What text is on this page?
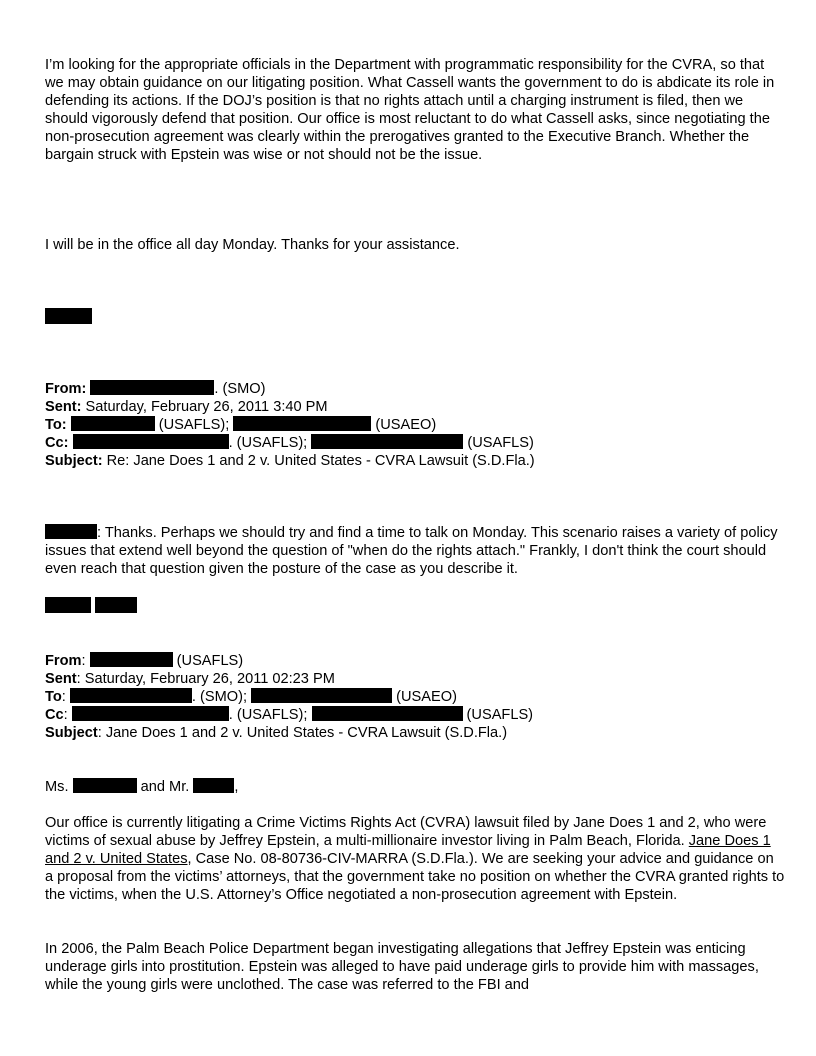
I’m looking for the appropriate officials in the Department with programmatic responsibility for the CVRA, so that we may obtain guidance on our litigating position. What Cassell wants the government to do is abdicate its role in defending its actions. If the DOJ’s position is that no rights attach until a charging instrument is filed, then we should vigorously defend that position. Our office is most reluctant to do what Cassell asks, since negotiating the non-prosecution agreement was clearly within the prerogatives granted to the Executive Branch. Whether the bargain struck with Epstein was wise or not should not be the issue.

I will be in the office all day Monday. Thanks for your assistance.

From:	. (SMO)
Sent: Saturday, February 26, 2011 3:40 PM
To:	(USAFLS);	(USAEO)
Cc:	. (USAFLS);	(USAFLS)
Subject: Re: Jane Does 1 and 2 v. United States - CVRA Lawsuit (S.D.Fla.)

: Thanks. Perhaps we should try and find a time to talk on Monday. This scenario raises a variety of policy issues that extend well beyond the question of "when do the rights attach." Frankly, I don't think the court should even reach that question given the posture of the case as you describe it.

From:	(USAFLS)
Sent: Saturday, February 26, 2011 02:23 PM
To:	. (SMO);	(USAEO)
Cc:	. (USAFLS);	(USAFLS)
Subject: Jane Does 1 and 2 v. United States - CVRA Lawsuit (S.D.Fla.)
Ms.	and Mr.	,

Our office is currently litigating a Crime Victims Rights Act (CVRA) lawsuit filed by Jane Does 1 and 2, who were victims of sexual abuse by Jeffrey Epstein, a multi-millionaire investor living in Palm Beach, Florida. Jane Does 1 and 2 v. United States, Case No. 08-80736-CIV-MARRA (S.D.Fla.). We are seeking your advice and guidance on a proposal from the victims’ attorneys, that the government take no position on whether the CVRA granted rights to the victims, when the U.S. Attorney’s Office negotiated a non-prosecution agreement with Epstein.

In 2006, the Palm Beach Police Department began investigating allegations that Jeffrey Epstein was enticing underage girls into prostitution. Epstein was alleged to have paid underage girls to provide him with massages, while the young girls were unclothed. The case was referred to the FBI and
